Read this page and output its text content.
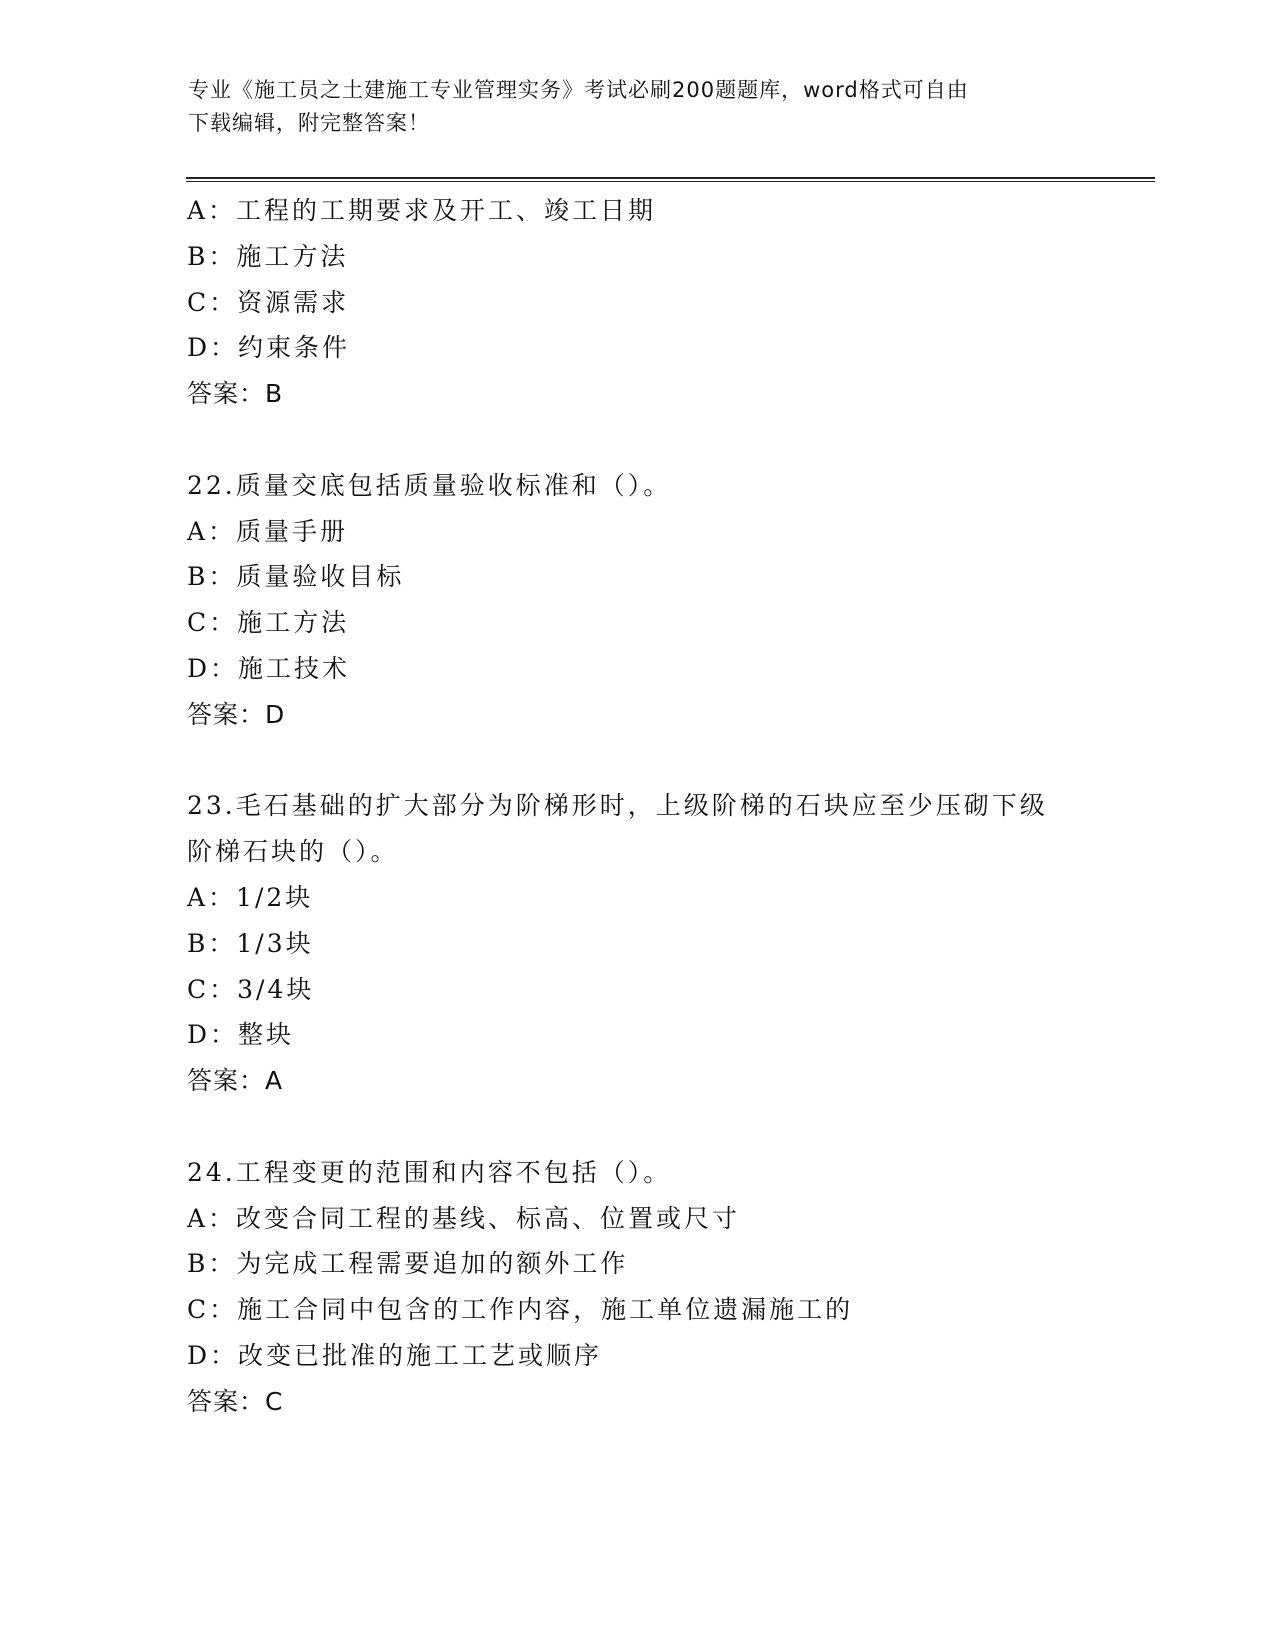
专业《施工员之土建施工专业管理实务》考试必刷200题题库，word格式可自由
下载编辑，附完整答案！
A：工程的工期要求及开工、竣工日期
B：施工方法
C：资源需求
D：约束条件
答案：B
22.质量交底包括质量验收标准和（）。
A：质量手册
B：质量验收目标
C：施工方法
D：施工技术
答案：D
23.毛石基础的扩大部分为阶梯形时，上级阶梯的石块应至少压砌下级
阶梯石块的（）。
A：1/2块
B：1/3块
C：3/4块
D：整块
答案：A
24.工程变更的范围和内容不包括（）。
A：改变合同工程的基线、标高、位置或尺寸
B：为完成工程需要追加的额外工作
C：施工合同中包含的工作内容，施工单位遗漏施工的
D：改变已批准的施工工艺或顺序
答案：C
